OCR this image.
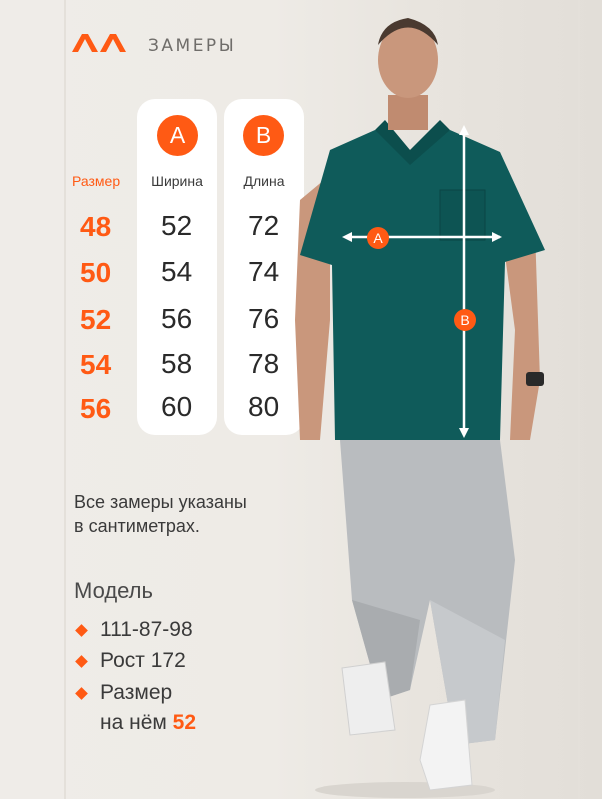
ЗАМЕРЫ
Размер
48
50
52
54
56
A
Ширина
B
Длина
52
54
56
58
60
72
74
76
78
80
Все замеры указаны
в сантиметрах.
Модель
111-87-98
Рост 172
Размер
на нём 52
A
B
